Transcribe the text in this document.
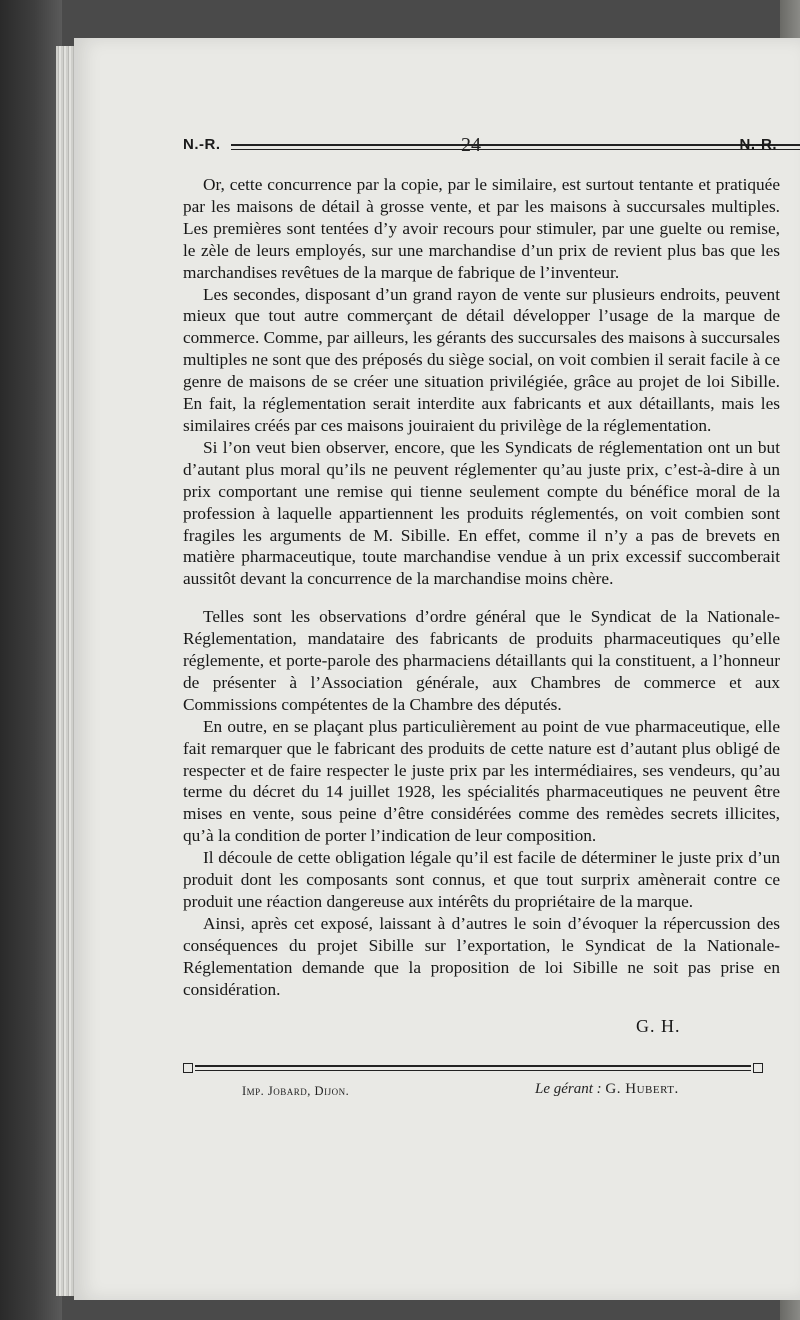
N.-R.	24	N.-R.

Or, cette concurrence par la copie, par le similaire, est surtout tentante et pratiquée par les maisons de détail à grosse vente, et par les maisons à succursales multiples. Les premières sont tentées d’y avoir recours pour stimuler, par une guelte ou remise, le zèle de leurs employés, sur une marchandise d’un prix de revient plus bas que les marchandises revêtues de la marque de fabrique de l’inventeur.

Les secondes, disposant d’un grand rayon de vente sur plusieurs endroits, peuvent mieux que tout autre commerçant de détail développer l’usage de la marque de commerce. Comme, par ailleurs, les gérants des succursales des maisons à succursales multiples ne sont que des préposés du siège social, on voit combien il serait facile à ce genre de maisons de se créer une situation privilégiée, grâce au projet de loi Sibille. En fait, la réglementation serait interdite aux fabricants et aux détaillants, mais les similaires créés par ces maisons jouiraient du privilège de la réglementation.

Si l’on veut bien observer, encore, que les Syndicats de réglementation ont un but d’autant plus moral qu’ils ne peuvent réglementer qu’au juste prix, c’est-à-dire à un prix comportant une remise qui tienne seulement compte du bénéfice moral de la profession à laquelle appartiennent les produits réglementés, on voit combien sont fragiles les arguments de M. Sibille. En effet, comme il n’y a pas de brevets en matière pharmaceutique, toute marchandise vendue à un prix excessif succomberait aussitôt devant la concurrence de la marchandise moins chère.

Telles sont les observations d’ordre général que le Syndicat de la Nationale-Réglementation, mandataire des fabricants de produits pharmaceutiques qu’elle réglemente, et porte-parole des pharmaciens détaillants qui la constituent, a l’honneur de présenter à l’Association générale, aux Chambres de commerce et aux Commissions compétentes de la Chambre des députés.

En outre, en se plaçant plus particulièrement au point de vue pharmaceutique, elle fait remarquer que le fabricant des produits de cette nature est d’autant plus obligé de respecter et de faire respecter le juste prix par les intermédiaires, ses vendeurs, qu’au terme du décret du 14 juillet 1928, les spécialités pharmaceutiques ne peuvent être mises en vente, sous peine d’être considérées comme des remèdes secrets illicites, qu’à la condition de porter l’indication de leur composition.

Il découle de cette obligation légale qu’il est facile de déterminer le juste prix d’un produit dont les composants sont connus, et que tout surprix amènerait contre ce produit une réaction dangereuse aux intérêts du propriétaire de la marque.

Ainsi, après cet exposé, laissant à d’autres le soin d’évoquer la répercussion des conséquences du projet Sibille sur l’exportation, le Syndicat de la Nationale-Réglementation demande que la proposition de loi Sibille ne soit pas prise en considération.

G. H.
Imp. Jobard, Dijon.	Le gérant : G. Hubert.
